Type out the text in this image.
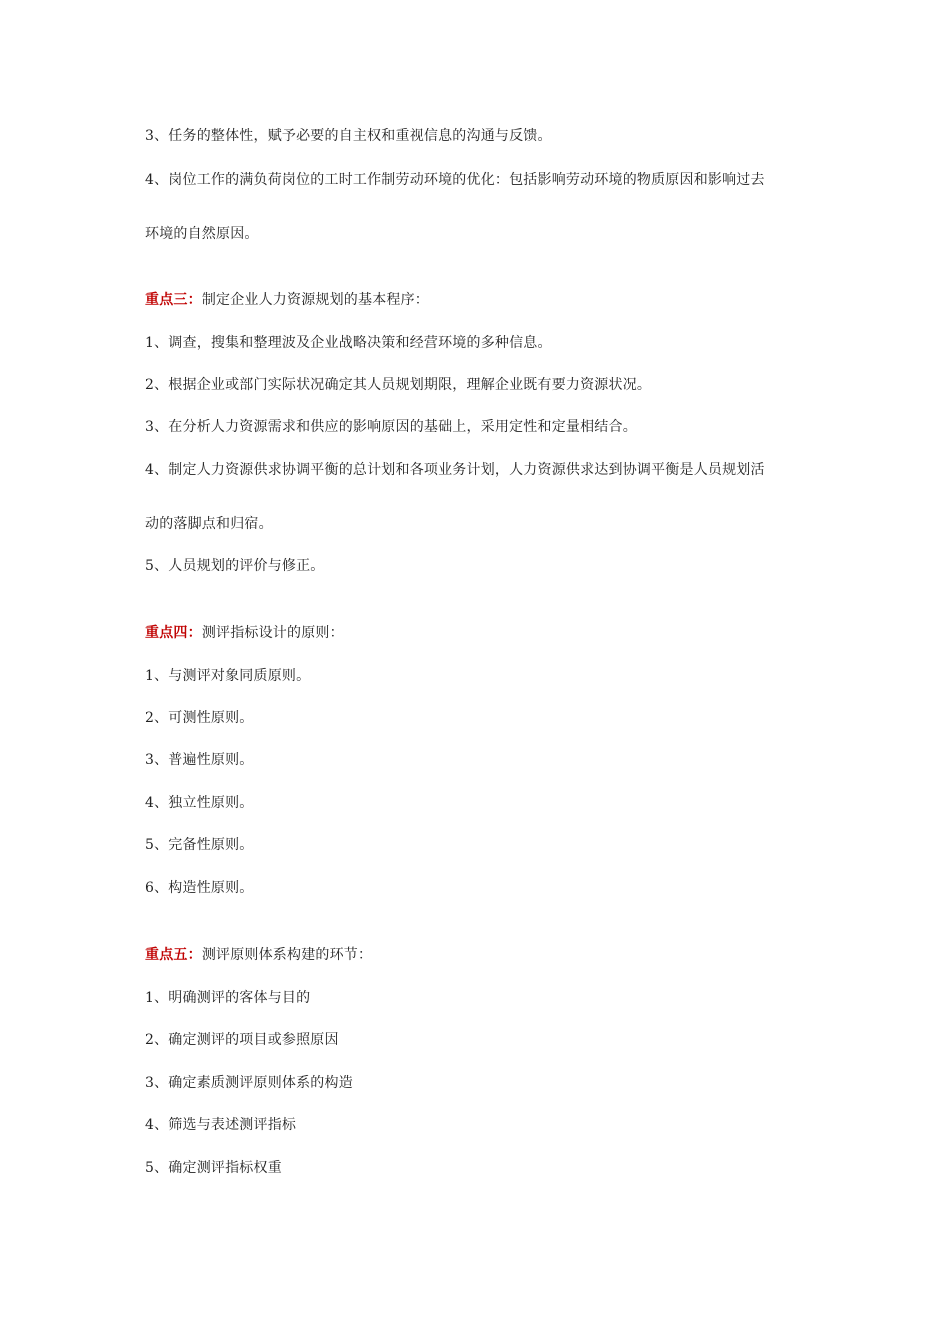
3、任务的整体性，赋予必要的自主权和重视信息的沟通与反馈。
4、岗位工作的满负荷岗位的工时工作制劳动环境的优化：包括影响劳动环境的物质原因和影响过去
环境的自然原因。
重点三：制定企业人力资源规划的基本程序：
1、调查，搜集和整理波及企业战略决策和经营环境的多种信息。
2、根据企业或部门实际状况确定其人员规划期限，理解企业既有要力资源状况。
3、在分析人力资源需求和供应的影响原因的基础上，采用定性和定量相结合。
4、制定人力资源供求协调平衡的总计划和各项业务计划，人力资源供求达到协调平衡是人员规划活
动的落脚点和归宿。
5、人员规划的评价与修正。
重点四：测评指标设计的原则：
1、与测评对象同质原则。
2、可测性原则。
3、普遍性原则。
4、独立性原则。
5、完备性原则。
6、构造性原则。
重点五：测评原则体系构建的环节：
1、明确测评的客体与目的
2、确定测评的项目或参照原因
3、确定素质测评原则体系的构造
4、筛选与表述测评指标
5、确定测评指标权重
